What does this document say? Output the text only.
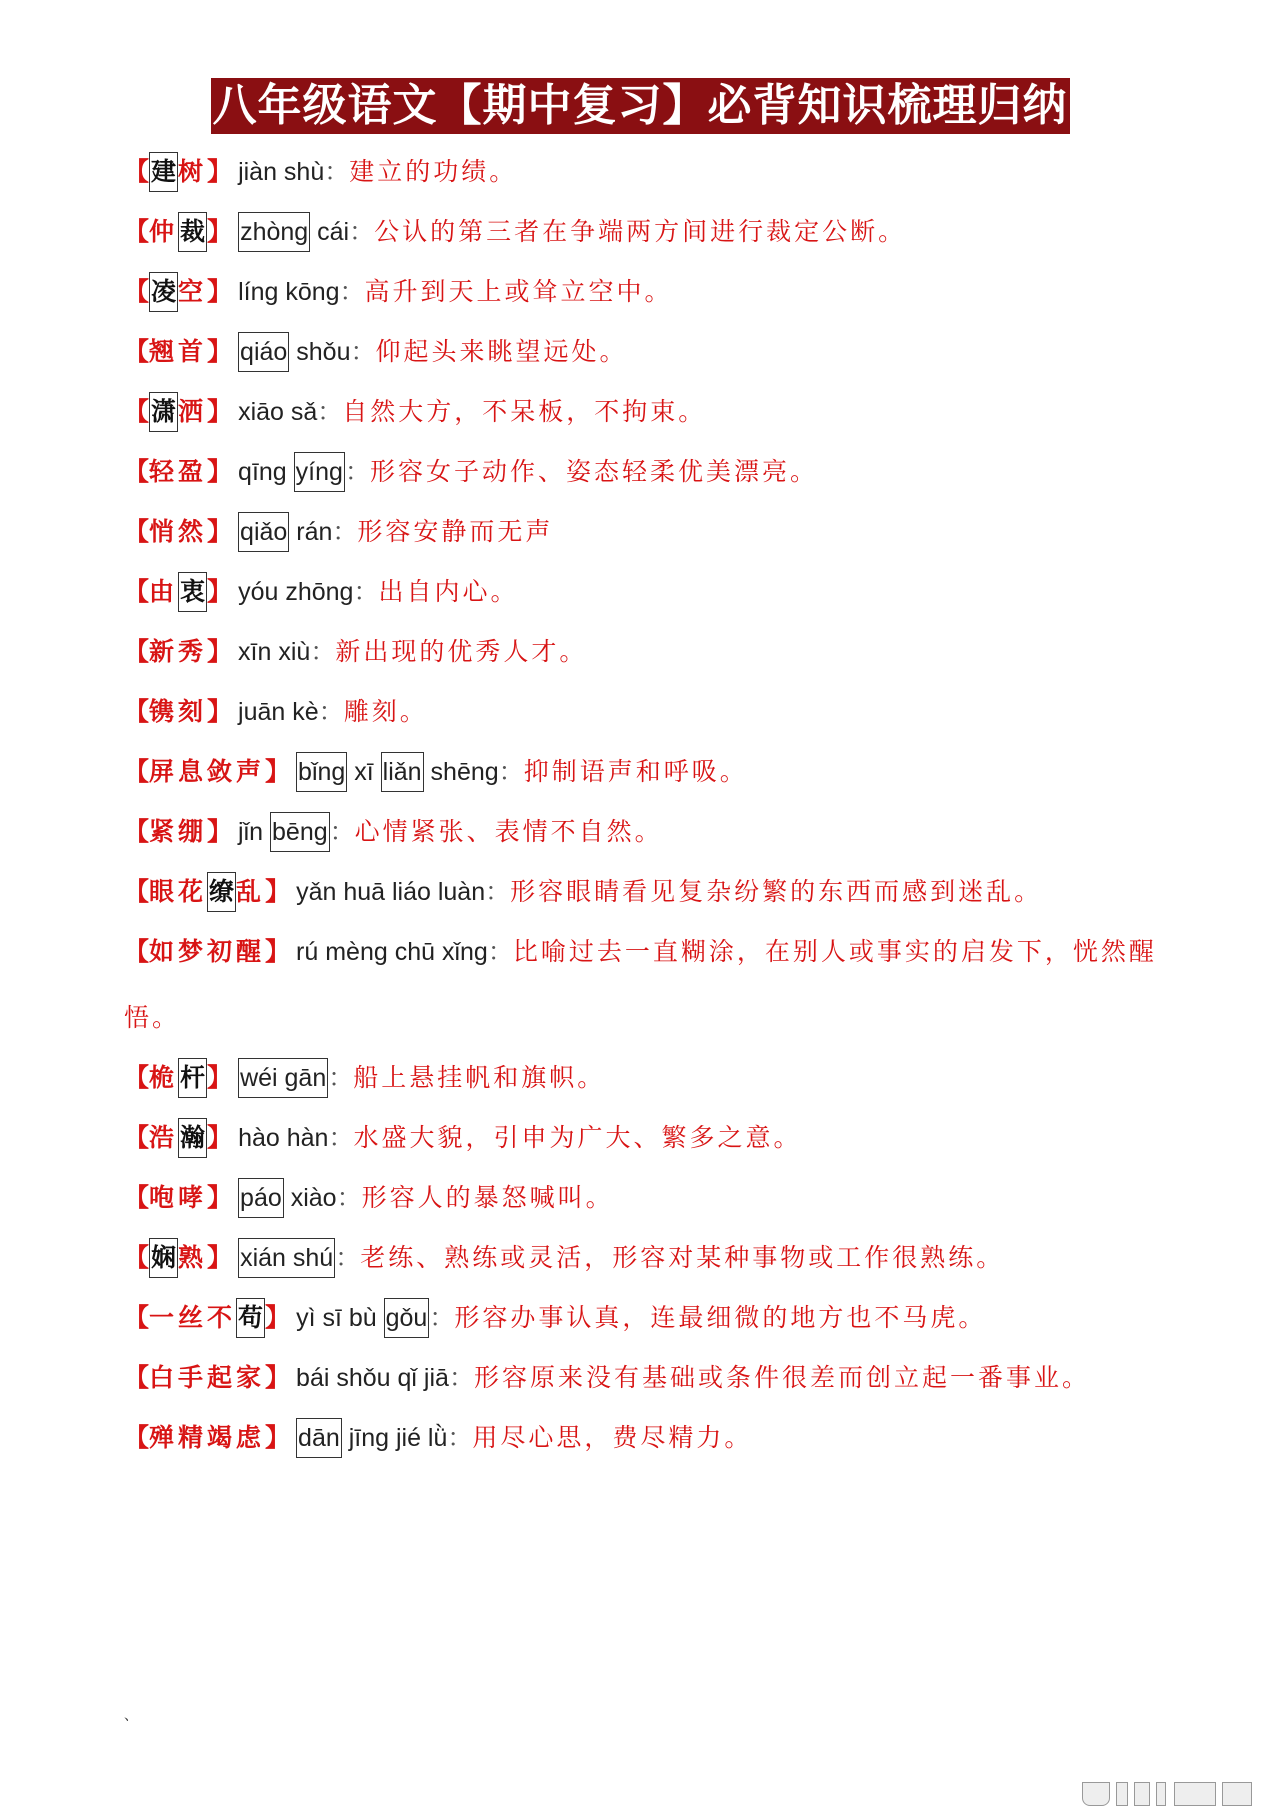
八年级语文【期中复习】必背知识梳理归纳
【建树】 jiàn shù：建立的功绩。
【仲裁】 zhòng cái：公认的第三者在争端两方间进行裁定公断。
【凌空】 líng kōng：高升到天上或耸立空中。
【翘首】 qiáo shǒu：仰起头来眺望远处。
【潇洒】 xiāo sǎ：自然大方，不呆板，不拘束。
【轻盈】 qīng yíng：形容女子动作、姿态轻柔优美漂亮。
【悄然】 qiǎo rán：形容安静而无声
【由衷】 yóu zhōng：出自内心。
【新秀】 xīn xiù：新出现的优秀人才。
【镌刻】 juān kè：雕刻。
【屏息敛声】 bǐng xī liǎn shēng：抑制语声和呼吸。
【紧绷】 jǐn bēng：心情紧张、表情不自然。
【眼花缭乱】 yǎn huā liáo luàn：形容眼睛看见复杂纷繁的东西而感到迷乱。
【如梦初醒】 rú mèng chū xǐng：比喻过去一直糊涂，在别人或事实的启发下，恍然醒悟。
【桅杆】 wéi gān：船上悬挂帆和旗帜。
【浩瀚】 hào hàn：水盛大貌，引申为广大、繁多之意。
【咆哮】 páo xiào：形容人的暴怒喊叫。
【娴熟】 xián shú：老练、熟练或灵活，形容对某种事物或工作很熟练。
【一丝不苟】 yì sī bù gǒu：形容办事认真，连最细微的地方也不马虎。
【白手起家】 bái shǒu qǐ jiā：形容原来没有基础或条件很差而创立起一番事业。
【殚精竭虑】 dān jīng jié lǜ：用尽心思，费尽精力。
、
